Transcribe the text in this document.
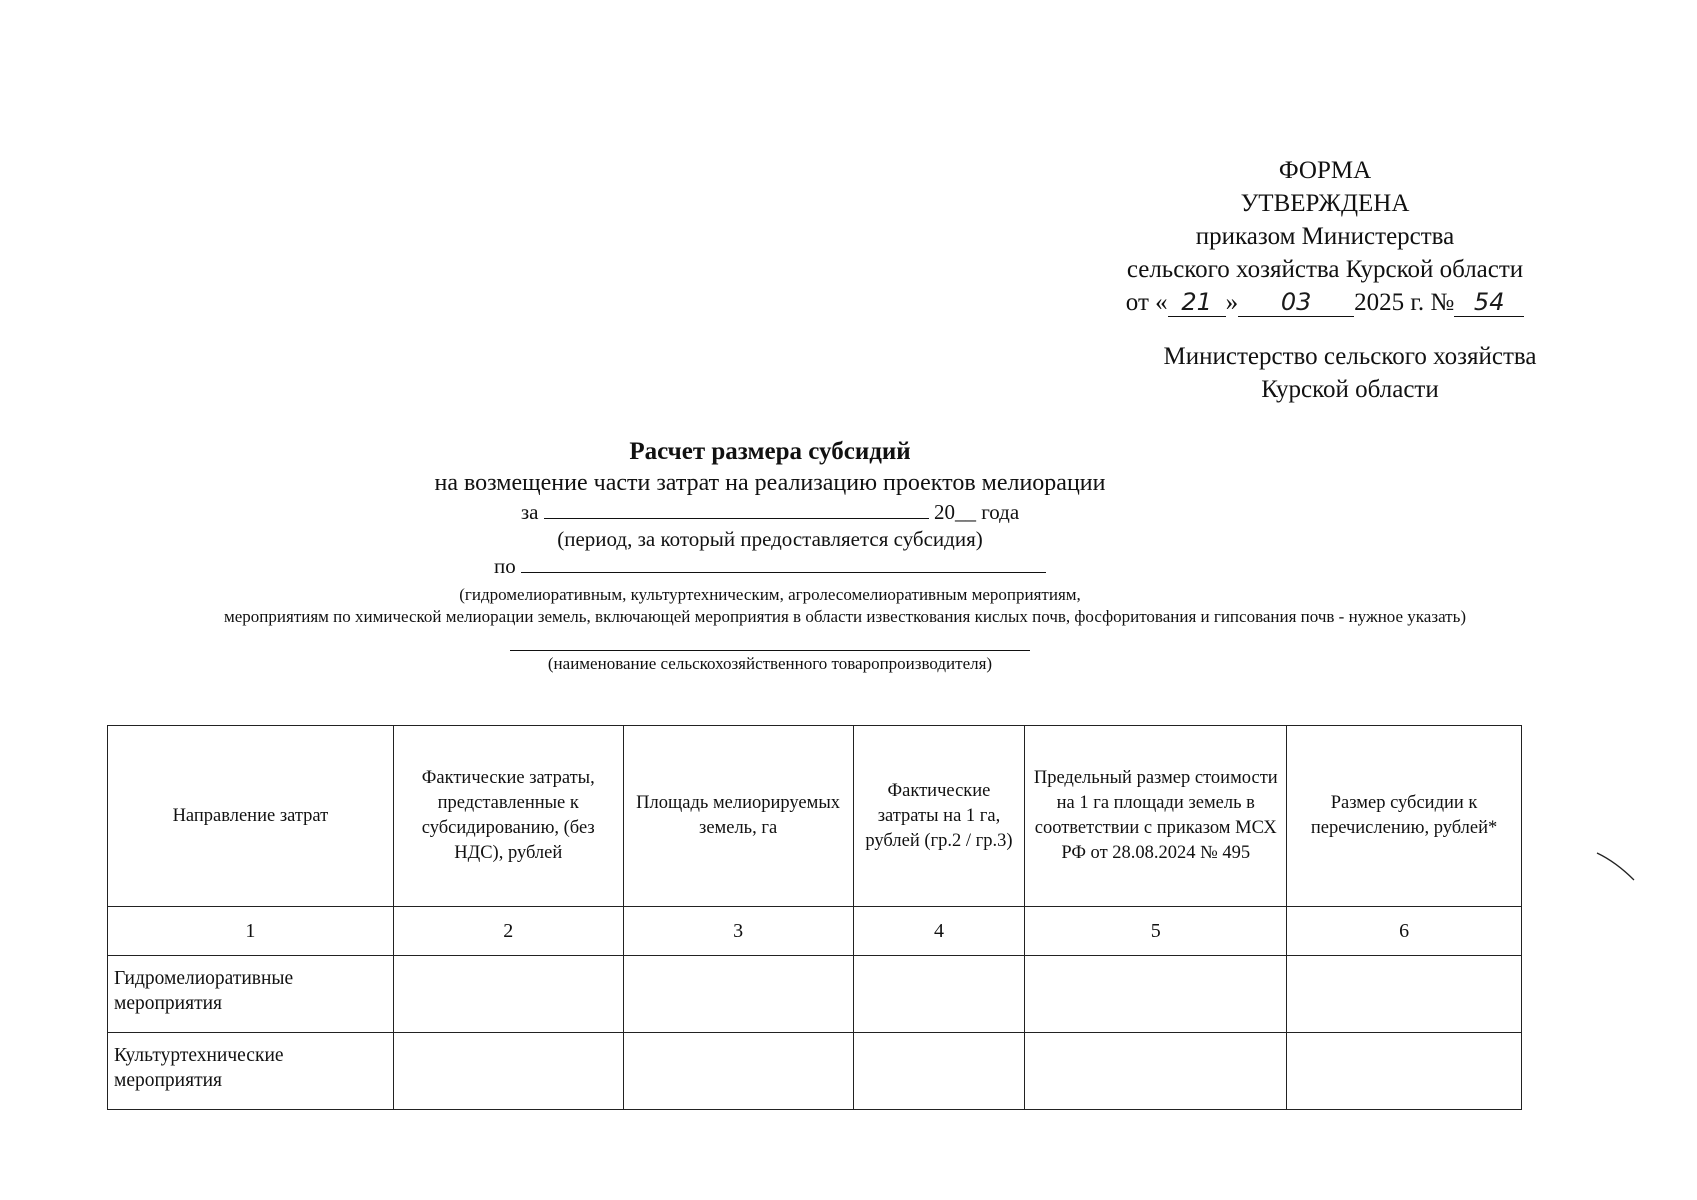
ФОРМА
УТВЕРЖДЕНА
приказом Министерства
сельского хозяйства Курской области
от « 21 » 03 2025 г. № 54
Министерство сельского хозяйства
Курской области
Расчет размера субсидий
на возмещение части затрат на реализацию проектов мелиорации
за	20__ года
(период, за который предоставляется субсидия)
по
(гидромелиоративным, культуртехническим, агролесомелиоративным мероприятиям,
мероприятиям по химической мелиорации земель, включающей мероприятия в области известкования кислых почв, фосфоритования и гипсования почв - нужное указать)
(наименование сельскохозяйственного товаропроизводителя)
Направление затрат	Фактические затраты, представленные к субсидированию, (без НДС), рублей	Площадь мелиорируемых земель, га	Фактические затраты на 1 га, рублей (гр.2 / гр.3)	Предельный размер стоимости на 1 га площади земель в соответствии с приказом МСХ РФ от 28.08.2024 № 495	Размер субсидии к перечислению, рублей*
1	2	3	4	5	6
Гидромелиоративные мероприятия					
Культуртехнические мероприятия					
